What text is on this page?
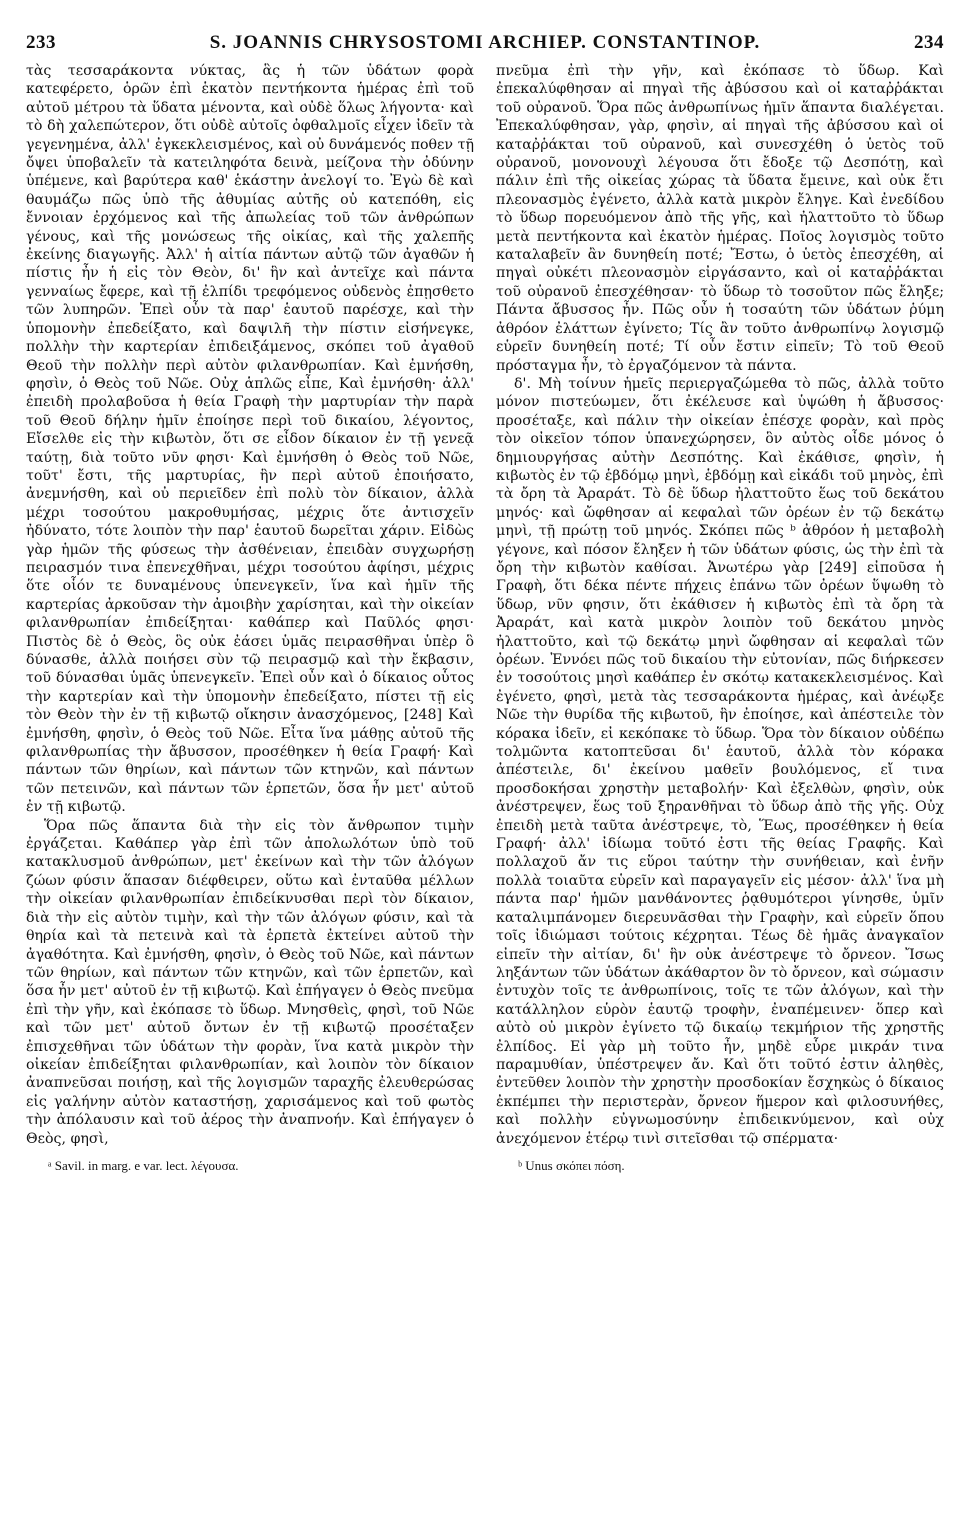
233	S. JOANNIS CHRYSOSTOMI ARCHIEP. CONSTANTINOP.	234

τὰς τεσσαράκοντα νύκτας, ἃς ἡ τῶν ὑδάτων φορὰ κατεφέρετο, ὁρῶν ἐπὶ ἑκατὸν πεντήκοντα ἡμέρας ἐπὶ τοῦ αὐτοῦ μέτρου τὰ ὕδατα μένοντα, καὶ οὐδὲ ὅλως λήγοντα· καὶ τὸ δὴ χαλεπώτερον, ὅτι οὐδὲ αὐτοῖς ὀφθαλμοῖς εἶχεν ἰδεῖν τὰ γεγενημένα, ἀλλ' ἐγκεκλεισμένος, καὶ οὐ δυνάμενός ποθεν τῇ ὄψει ὑποβαλεῖν τὰ κατειληφότα δεινὰ, μείζονα τὴν ὀδύνην ὑπέμενε, καὶ βαρύτερα καθ' ἑκάστην ἀνελογί το. Ἐγὼ δὲ καὶ θαυμάζω πῶς ὑπὸ τῆς ἀθυμίας αὐτῆς οὐ κατεπόθη, εἰς ἔννοιαν ἐρχόμενος καὶ τῆς ἀπωλείας τοῦ τῶν ἀνθρώπων γένους, καὶ τῆς μονώσεως τῆς οἰκίας, καὶ τῆς χαλεπῆς ἐκείνης διαγωγῆς. Ἀλλ' ἡ αἰτία πάντων αὐτῷ τῶν ἀγαθῶν ἡ πίστις ἦν ἡ εἰς τὸν Θεὸν, δι' ἣν καὶ ἀντεῖχε καὶ πάντα γενναίως ἔφερε, καὶ τῇ ἐλπίδι τρεφόμενος οὐδενὸς ἐπῃσθετο τῶν λυπηρῶν. Ἐπεὶ οὖν τὰ παρ' ἑαυτοῦ παρέσχε, καὶ τὴν ὑπομονὴν ἐπεδείξατο, καὶ δαψιλῆ τὴν πίστιν εἰσήνεγκε, πολλὴν τὴν καρτερίαν ἐπιδειξάμενος, σκόπει τοῦ ἀγαθοῦ Θεοῦ τὴν πολλὴν περὶ αὐτὸν φιλανθρωπίαν. Καὶ ἐμνήσθη, φησὶν, ὁ Θεὸς τοῦ Νῶε. Οὐχ ἁπλῶς εἶπε, Καὶ ἐμνήσθη· ἀλλ' ἐπειδὴ προλαβοῦσα ἡ θεία Γραφὴ τὴν μαρτυρίαν τὴν παρὰ τοῦ Θεοῦ δήλην ἡμῖν ἐποίησε περὶ τοῦ δικαίου, λέγοντος, Εἴσελθε εἰς τὴν κιβωτὸν, ὅτι σε εἶδον δίκαιον ἐν τῇ γενεᾷ ταύτῃ, διὰ τοῦτο νῦν φησι· Καὶ ἐμνήσθη ὁ Θεὸς τοῦ Νῶε, τοῦτ' ἔστι, τῆς μαρτυρίας, ἣν περὶ αὐτοῦ ἐποιήσατο, ἀνεμνήσθη, καὶ οὐ περιεῖδεν ἐπὶ πολὺ τὸν δίκαιον, ἀλλὰ μέχρι τοσούτου μακροθυμήσας, μέχρις ὅτε ἀντισχεῖν ἠδύνατο, τότε λοιπὸν τὴν παρ' ἑαυτοῦ δωρεῖται χάριν. Εἰδὼς γὰρ ἡμῶν τῆς φύσεως τὴν ἀσθένειαν, ἐπειδὰν συγχωρήσῃ πειρασμόν τινα ἐπενεχθῆναι, μέχρι τοσούτου ἀφίησι, μέχρις ὅτε οἷόν τε δυναμένους ὑπενεγκεῖν, ἵνα καὶ ἡμῖν τῆς καρτερίας ἀρκοῦσαν τὴν ἀμοιβὴν χαρίσηται, καὶ τὴν οἰκείαν φιλανθρωπίαν ἐπιδείξηται· καθάπερ καὶ Παῦλός φησι· Πιστὸς δὲ ὁ Θεὸς, ὃς οὐκ ἐάσει ὑμᾶς πειρασθῆναι ὑπὲρ ὃ δύνασθε, ἀλλὰ ποιήσει σὺν τῷ πειρασμῷ καὶ τὴν ἔκβασιν, τοῦ δύνασθαι ὑμᾶς ὑπενεγκεῖν. Ἐπεὶ οὖν καὶ ὁ δίκαιος οὗτος τὴν καρτερίαν καὶ τὴν ὑπομονὴν ἐπεδείξατο, πίστει τῇ εἰς τὸν Θεὸν τὴν ἐν τῇ κιβωτῷ οἴκησιν ἀνασχόμενος, [248] Καὶ ἐμνήσθη, φησὶν, ὁ Θεὸς τοῦ Νῶε. Εἶτα ἵνα μάθῃς αὐτοῦ τῆς φιλανθρωπίας τὴν ἄβυσσον, προσέθηκεν ἡ θεία Γραφή· Καὶ πάντων τῶν θηρίων, καὶ πάντων τῶν κτηνῶν, καὶ πάντων τῶν πετεινῶν, καὶ πάντων τῶν ἑρπετῶν, ὅσα ἦν μετ' αὐτοῦ ἐν τῇ κιβωτῷ.

Ὅρα πῶς ἅπαντα διὰ τὴν εἰς τὸν ἄνθρωπον τιμὴν ἐργάζεται. Καθάπερ γὰρ ἐπὶ τῶν ἀπολωλότων ὑπὸ τοῦ κατακλυσμοῦ ἀνθρώπων, μετ' ἐκείνων καὶ τὴν τῶν ἀλόγων ζώων φύσιν ἅπασαν διέφθειρεν, οὕτω καὶ ἐνταῦθα μέλλων τὴν οἰκείαν φιλανθρωπίαν ἐπιδείκνυσθαι περὶ τὸν δίκαιον, διὰ τὴν εἰς αὐτὸν τιμὴν, καὶ τὴν τῶν ἀλόγων φύσιν, καὶ τὰ θηρία καὶ τὰ πετεινὰ καὶ τὰ ἑρπετὰ ἐκτείνει αὐτοῦ τὴν ἀγαθότητα. Καὶ ἐμνήσθη, φησὶν, ὁ Θεὸς τοῦ Νῶε, καὶ πάντων τῶν θηρίων, καὶ πάντων τῶν κτηνῶν, καὶ τῶν ἑρπετῶν, καὶ ὅσα ἦν μετ' αὐτοῦ ἐν τῇ κιβωτῷ. Καὶ ἐπήγαγεν ὁ Θεὸς πνεῦμα ἐπὶ τὴν γῆν, καὶ ἐκόπασε τὸ ὕδωρ. Μνησθεὶς, φησὶ, τοῦ Νῶε καὶ τῶν μετ' αὐτοῦ ὄντων ἐν τῇ κιβωτῷ προσέταξεν ἐπισχεθῆναι τῶν ὑδάτων τὴν φορὰν, ἵνα κατὰ μικρὸν τὴν οἰκείαν ἐπιδείξηται φιλανθρωπίαν, καὶ λοιπὸν τὸν δίκαιον ἀναπνεῦσαι ποιήσῃ, καὶ τῆς λογισμῶν ταραχῆς ἐλευθερώσας εἰς γαλήνην αὐτὸν καταστήσῃ, χαρισάμενος καὶ τοῦ φωτὸς τὴν ἀπόλαυσιν καὶ τοῦ ἀέρος τὴν ἀναπνοήν. Καὶ ἐπήγαγεν ὁ Θεὸς, φησὶ,

ᵃ Savil. in marg. e var. lect. λέγουσα.

πνεῦμα ἐπὶ τὴν γῆν, καὶ ἐκόπασε τὸ ὕδωρ. Καὶ ἐπεκαλύφθησαν αἱ πηγαὶ τῆς ἀβύσσου καὶ οἱ καταῤῥάκται τοῦ οὐρανοῦ. Ὅρα πῶς ἀνθρωπίνως ἡμῖν ἅπαντα διαλέγεται. Ἐπεκαλύφθησαν, γὰρ, φησὶν, αἱ πηγαὶ τῆς ἀβύσσου καὶ οἱ καταῤῥάκται τοῦ οὐρανοῦ, καὶ συνεσχέθη ὁ ὑετὸς τοῦ οὐρανοῦ, μονονουχὶ λέγουσα ὅτι ἔδοξε τῷ Δεσπότῃ, καὶ πάλιν ἐπὶ τῆς οἰκείας χώρας τὰ ὕδατα ἔμεινε, καὶ οὐκ ἔτι πλεονασμὸς ἐγένετο, ἀλλὰ κατὰ μικρὸν ἔληγε. Καὶ ἐνεδίδου τὸ ὕδωρ πορευόμενον ἀπὸ τῆς γῆς, καὶ ἠλαττοῦτο τὸ ὕδωρ μετὰ πεντήκοντα καὶ ἑκατὸν ἡμέρας. Ποῖος λογισμὸς τοῦτο καταλαβεῖν ἂν δυνηθείη ποτέ; Ἔστω, ὁ ὑετὸς ἐπεσχέθη, αἱ πηγαὶ οὐκέτι πλεονασμὸν εἰργάσαντο, καὶ οἱ καταῤῥάκται τοῦ οὐρανοῦ ἐπεσχέθησαν· τὸ ὕδωρ τὸ τοσοῦτον πῶς ἔληξε; Πάντα ἄβυσσος ἦν. Πῶς οὖν ἡ τοσαύτη τῶν ὑδάτων ῥύμη ἀθρόον ἐλάττων ἐγίνετο; Τίς ἂν τοῦτο ἀνθρωπίνῳ λογισμῷ εὑρεῖν δυνηθείη ποτέ; Τί οὖν ἔστιν εἰπεῖν; Τὸ τοῦ Θεοῦ πρόσταγμα ἦν, τὸ ἐργαζόμενον τὰ πάντα.

δ'. Μὴ τοίνυν ἡμεῖς περιεργαζώμεθα τὸ πῶς, ἀλλὰ τοῦτο μόνον πιστεύωμεν, ὅτι ἐκέλευσε καὶ ὑψώθη ἡ ἄβυσσος· προσέταξε, καὶ πάλιν τὴν οἰκείαν ἐπέσχε φορὰν, καὶ πρὸς τὸν οἰκεῖον τόπον ὑπανεχώρησεν, ὃν αὐτὸς οἶδε μόνος ὁ δημιουργήσας αὐτὴν Δεσπότης. Καὶ ἐκάθισε, φησὶν, ἡ κιβωτὸς ἐν τῷ ἑβδόμῳ μηνὶ, ἑβδόμῃ καὶ εἰκάδι τοῦ μηνὸς, ἐπὶ τὰ ὄρη τὰ Ἀραράτ. Τὸ δὲ ὕδωρ ἠλαττοῦτο ἕως τοῦ δεκάτου μηνός· καὶ ὤφθησαν αἱ κεφαλαὶ τῶν ὀρέων ἐν τῷ δεκάτῳ μηνὶ, τῇ πρώτῃ τοῦ μηνός. Σκόπει πῶς ᵇ ἀθρόον ἡ μεταβολὴ γέγονε, καὶ πόσον ἔληξεν ἡ τῶν ὑδάτων φύσις, ὡς τὴν ἐπὶ τὰ ὄρη τὴν κιβωτὸν καθίσαι. Ἀνωτέρω γὰρ [249] εἰποῦσα ἡ Γραφὴ, ὅτι δέκα πέντε πήχεις ἐπάνω τῶν ὀρέων ὕψωθη τὸ ὕδωρ, νῦν φησιν, ὅτι ἐκάθισεν ἡ κιβωτὸς ἐπὶ τὰ ὄρη τὰ Ἀραράτ, καὶ κατὰ μικρὸν λοιπὸν τοῦ δεκάτου μηνὸς ἠλαττοῦτο, καὶ τῷ δεκάτῳ μηνὶ ὤφθησαν αἱ κεφαλαὶ τῶν ὀρέων. Ἐννόει πῶς τοῦ δικαίου τὴν εὐτονίαν, πῶς διήρκεσεν ἐν τοσούτοις μησὶ καθάπερ ἐν σκότῳ κατακεκλεισμένος. Καὶ ἐγένετο, φησὶ, μετὰ τὰς τεσσαράκοντα ἡμέρας, καὶ ἀνέῳξε Νῶε τὴν θυρίδα τῆς κιβωτοῦ, ἣν ἐποίησε, καὶ ἀπέστειλε τὸν κόρακα ἰδεῖν, εἰ κεκόπακε τὸ ὕδωρ. Ὅρα τὸν δίκαιον οὐδέπω τολμῶντα κατοπτεῦσαι δι' ἑαυτοῦ, ἀλλὰ τὸν κόρακα ἀπέστειλε, δι' ἐκείνου μαθεῖν βουλόμενος, εἴ τινα προσδοκήσαι χρηστὴν μεταβολήν· Καὶ ἐξελθὼν, φησὶν, οὐκ ἀνέστρεψεν, ἕως τοῦ ξηρανθῆναι τὸ ὕδωρ ἀπὸ τῆς γῆς. Οὐχ ἐπειδὴ μετὰ ταῦτα ἀνέστρεψε, τὸ, Ἕως, προσέθηκεν ἡ θεία Γραφή· ἀλλ' ἰδίωμα τοῦτό ἐστι τῆς θείας Γραφῆς. Καὶ πολλαχοῦ ἄν τις εὕροι ταύτην τὴν συνήθειαν, καὶ ἐνῆν πολλὰ τοιαῦτα εὑρεῖν καὶ παραγαγεῖν εἰς μέσον· ἀλλ' ἵνα μὴ πάντα παρ' ἡμῶν μανθάνοντες ῥᾳθυμότεροι γίνησθε, ὑμῖν καταλιμπάνομεν διερευνᾶσθαι τὴν Γραφὴν, καὶ εὑρεῖν ὅπου τοῖς ἰδιώμασι τούτοις κέχρηται. Τέως δὲ ἡμᾶς ἀναγκαῖον εἰπεῖν τὴν αἰτίαν, δι' ἣν οὐκ ἀνέστρεψε τὸ ὄρνεον. Ἴσως ληξάντων τῶν ὑδάτων ἀκάθαρτον ὂν τὸ ὄρνεον, καὶ σώμασιν ἐντυχὸν τοῖς τε ἀνθρωπίνοις, τοῖς τε τῶν ἀλόγων, καὶ τὴν κατάλληλον εὑρὸν ἑαυτῷ τροφὴν, ἐναπέμεινεν· ὅπερ καὶ αὐτὸ οὐ μικρὸν ἐγίνετο τῷ δικαίῳ τεκμήριον τῆς χρηστῆς ἐλπίδος. Εἰ γὰρ μὴ τοῦτο ἦν, μηδὲ εὗρε μικράν τινα παραμυθίαν, ὑπέστρεψεν ἄν. Καὶ ὅτι τοῦτό ἐστιν ἀληθὲς, ἐντεῦθεν λοιπὸν τὴν χρηστὴν προσδοκίαν ἔσχηκὼς ὁ δίκαιος ἐκπέμπει τὴν περιστερὰν, ὄρνεον ἥμερον καὶ φιλοσυνήθες, καὶ πολλὴν εὐγνωμοσύνην ἐπιδεικνύμενον, καὶ οὐχ ἀνεχόμενον ἑτέρῳ τινὶ σιτεῖσθαι τῷ σπέρματα·

ᵇ Unus σκόπει πόση.
